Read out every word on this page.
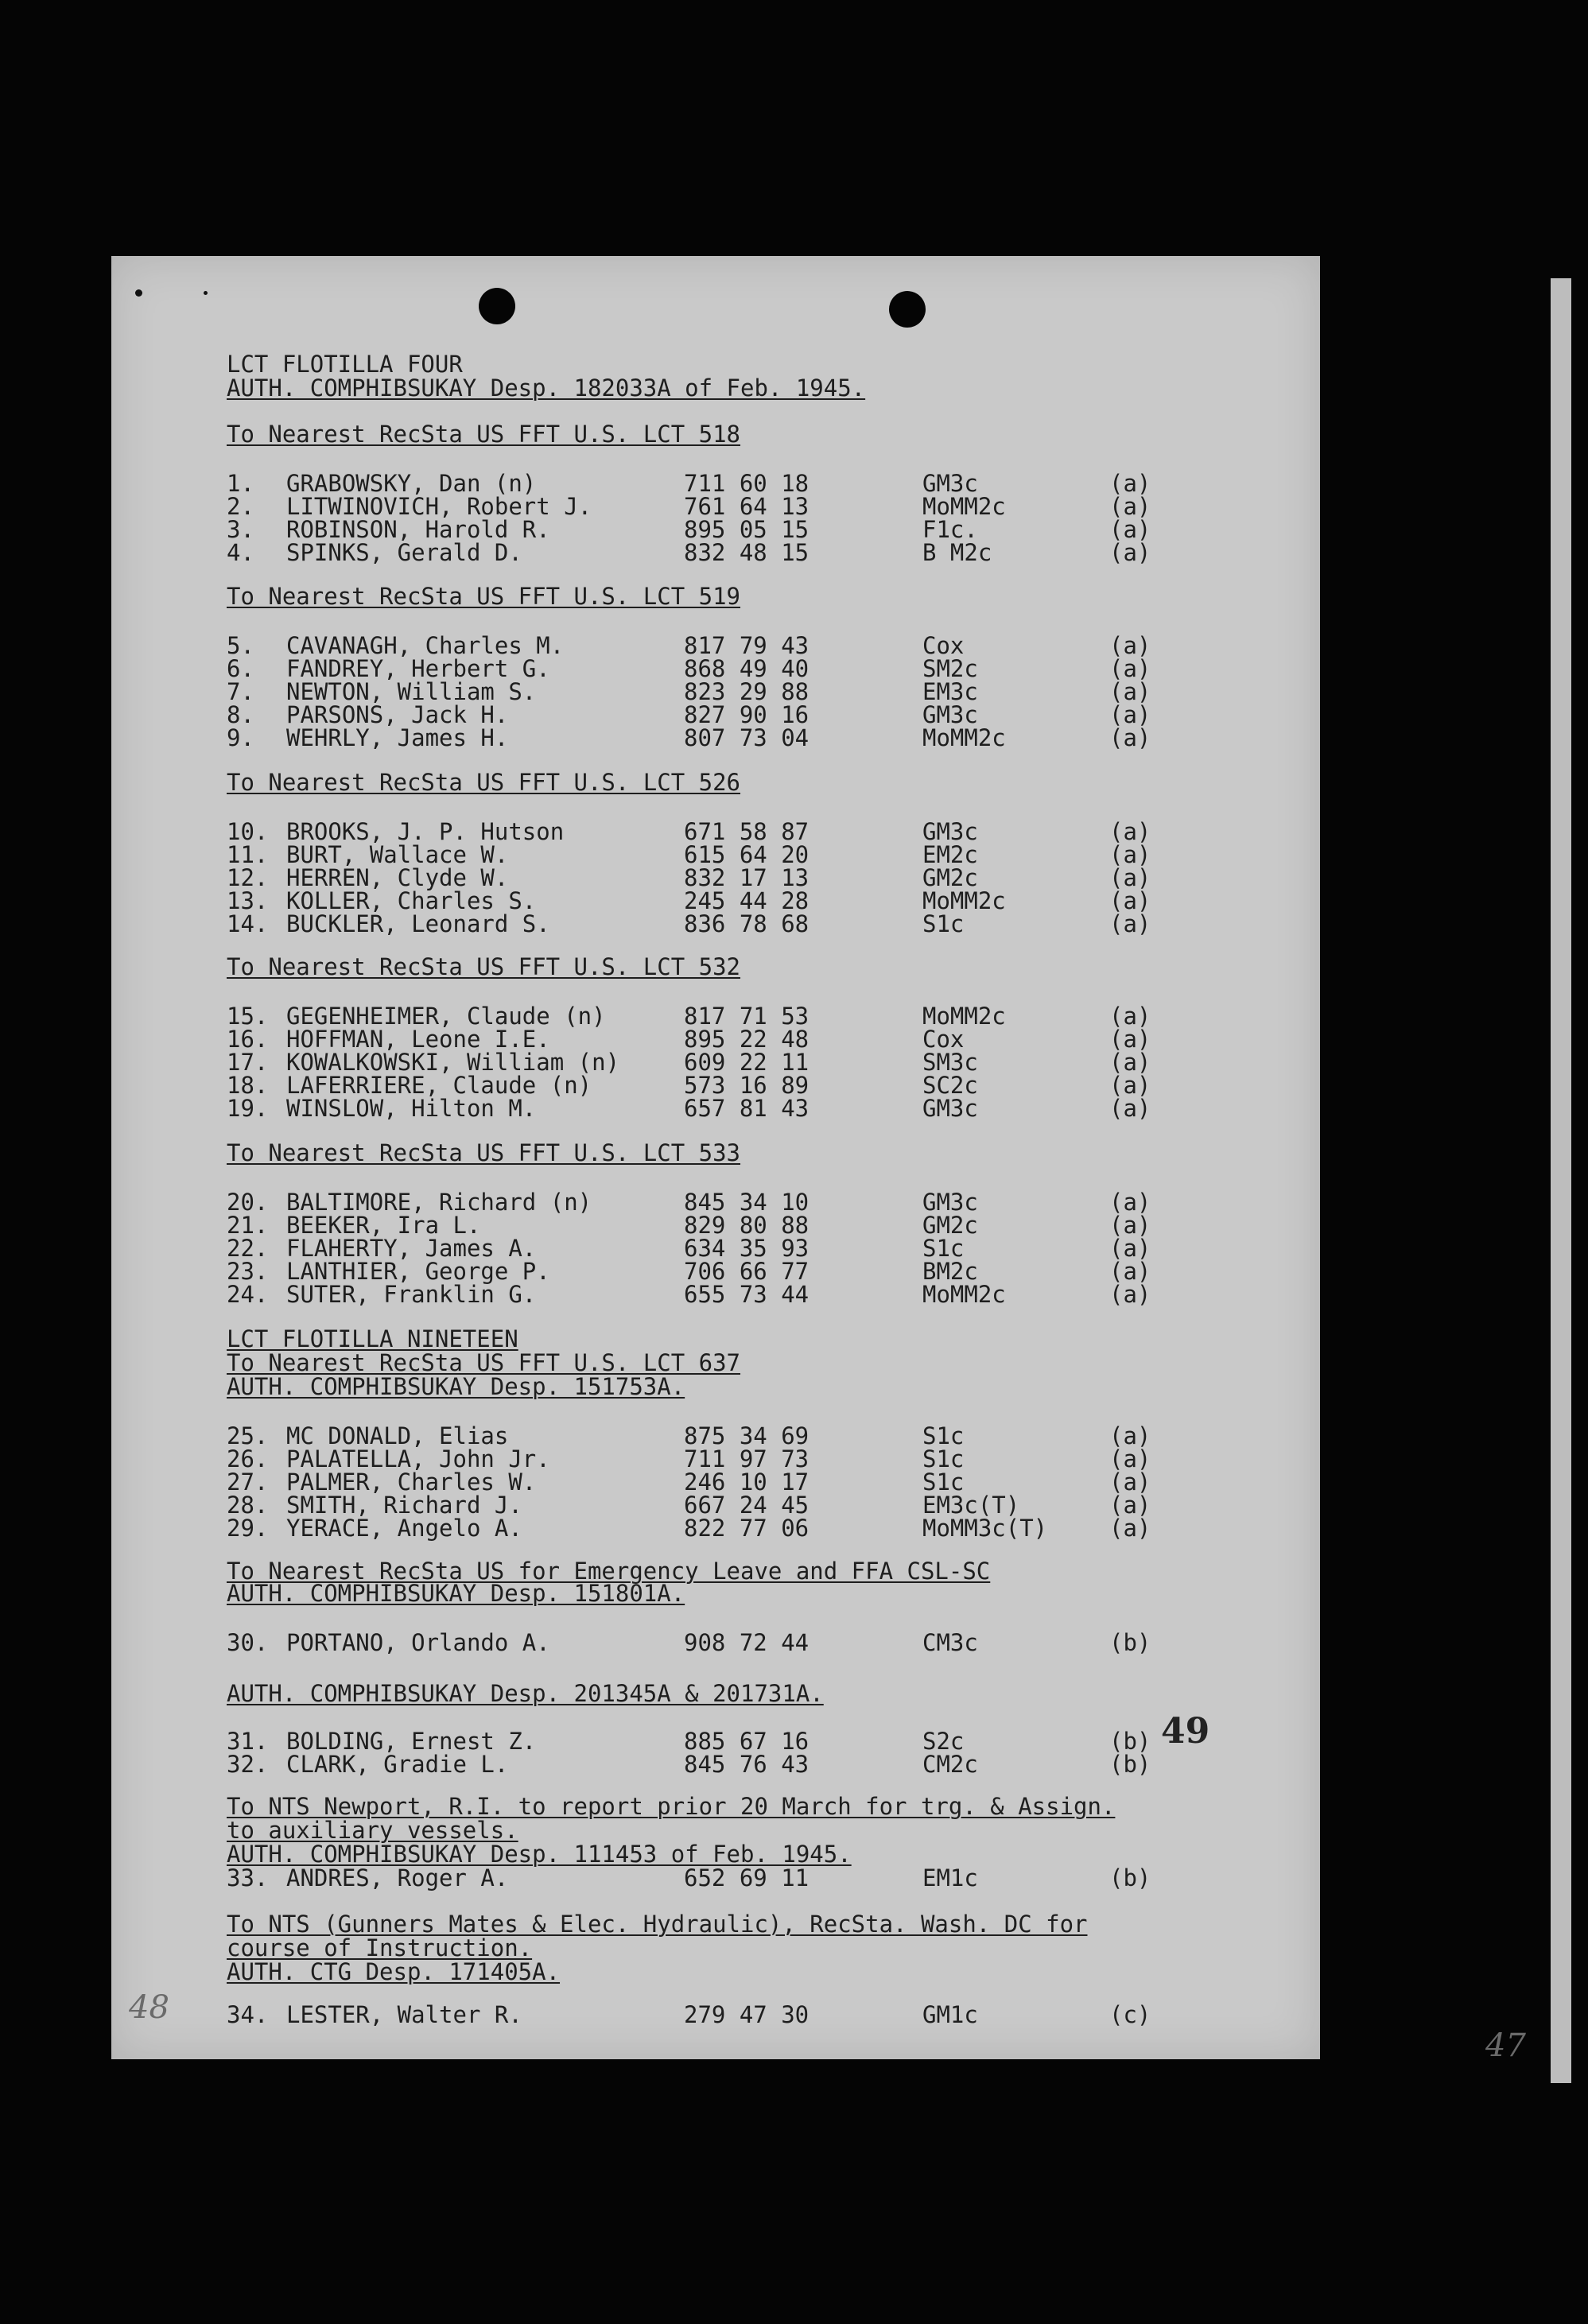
47
LCT FLOTILLA FOUR
AUTH. COMPHIBSUKAY Desp. 182033A of Feb. 1945.
To Nearest RecSta US FFT U.S. LCT 518
1. GRABOWSKY, Dan (n)	711 60 18	GM3c	(a)
2. LITWINOVICH, Robert J.	761 64 13	MoMM2c	(a)
3. ROBINSON, Harold R.	895 05 15	F1c.	(a)
4. SPINKS, Gerald D.	832 48 15	B M2c	(a)
To Nearest RecSta US FFT U.S. LCT 519
5. CAVANAGH, Charles M.	817 79 43	Cox	(a)
6. FANDREY, Herbert G.	868 49 40	SM2c	(a)
7. NEWTON, William S.	823 29 88	EM3c	(a)
8. PARSONS, Jack H.	827 90 16	GM3c	(a)
9. WEHRLY, James H.	807 73 04	MoMM2c	(a)
To Nearest RecSta US FFT U.S. LCT 526
10. BROOKS, J. P. Hutson	671 58 87	GM3c	(a)
11. BURT, Wallace W.	615 64 20	EM2c	(a)
12. HERREN, Clyde W.	832 17 13	GM2c	(a)
13. KOLLER, Charles S.	245 44 28	MoMM2c	(a)
14. BUCKLER, Leonard S.	836 78 68	S1c	(a)
To Nearest RecSta US FFT U.S. LCT 532
15. GEGENHEIMER, Claude (n)	817 71 53	MoMM2c	(a)
16. HOFFMAN, Leone I.E.	895 22 48	Cox	(a)
17. KOWALKOWSKI, William (n)	609 22 11	SM3c	(a)
18. LAFERRIERE, Claude (n)	573 16 89	SC2c	(a)
19. WINSLOW, Hilton M.	657 81 43	GM3c	(a)
To Nearest RecSta US FFT U.S. LCT 533
20. BALTIMORE, Richard (n)	845 34 10	GM3c	(a)
21. BEEKER, Ira L.	829 80 88	GM2c	(a)
22. FLAHERTY, James A.	634 35 93	S1c	(a)
23. LANTHIER, George P.	706 66 77	BM2c	(a)
24. SUTER, Franklin G.	655 73 44	MoMM2c	(a)
LCT FLOTILLA NINETEEN
To Nearest RecSta US FFT U.S. LCT 637
AUTH. COMPHIBSUKAY Desp. 151753A.
25. MC DONALD, Elias	875 34 69	S1c	(a)
26. PALATELLA, John Jr.	711 97 73	S1c	(a)
27. PALMER, Charles W.	246 10 17	S1c	(a)
28. SMITH, Richard J.	667 24 45	EM3c(T)	(a)
29. YERACE, Angelo A.	822 77 06	MoMM3c(T)	(a)
To Nearest RecSta US for Emergency Leave and FFA CSL-SC
AUTH. COMPHIBSUKAY Desp. 151801A.
30. PORTANO, Orlando A.	908 72 44	CM3c	(b)
AUTH. COMPHIBSUKAY Desp. 201345A & 201731A.
31. BOLDING, Ernest Z.	885 67 16	S2c	(b)
32. CLARK, Gradie L.	845 76 43	CM2c	(b)
To NTS Newport, R.I. to report prior 20 March for trg. & Assign.
to auxiliary vessels.
AUTH. COMPHIBSUKAY Desp. 111453 of Feb. 1945.
33. ANDRES, Roger A.	652 69 11	EM1c	(b)
To NTS (Gunners Mates & Elec. Hydraulic), RecSta. Wash. DC for
course of Instruction.
AUTH. CTG Desp. 171405A.
34. LESTER, Walter R.	279 47 30	GM1c	(c)
49
48
